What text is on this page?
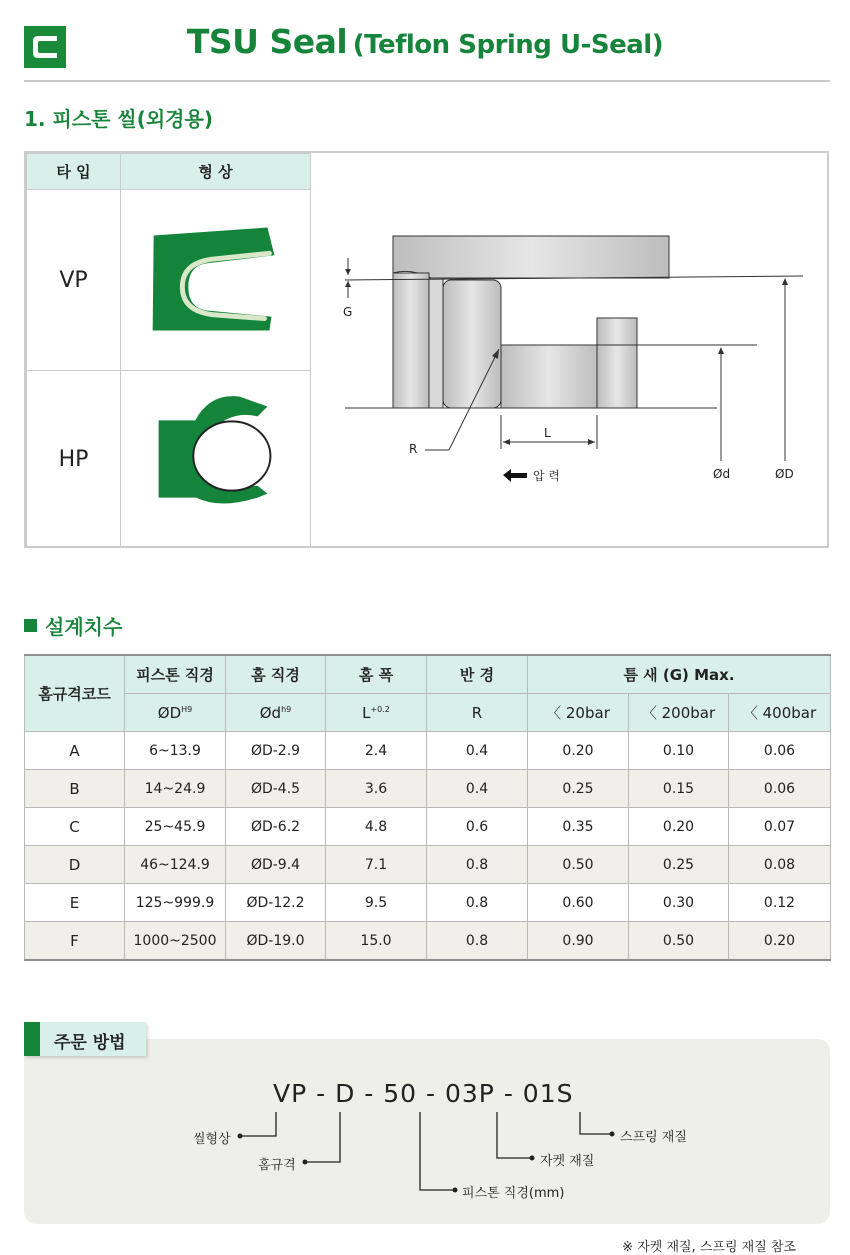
TSU Seal (Teflon Spring U-Seal)
1. 피스톤 씰(외경용)
타 입	형 상
VP
HP
G
R
L
압 력	Ød	ØD
설계치수
홈규격코드	피스톤 직경	홈 직경	홈 폭	반 경	틈 새 (G) Max.		
	$ØD^{H9}$	$Ød^{h9}$	$L^{+0.2}$	R	〈 20bar	〈 200bar	〈 400bar
A	6~13.9	ØD-2.9	2.4	0.4	0.20	0.10	0.06
B	14~24.9	ØD-4.5	3.6	0.4	0.25	0.15	0.06
C	25~45.9	ØD-6.2	4.8	0.6	0.35	0.20	0.07
D	46~124.9	ØD-9.4	7.1	0.8	0.50	0.25	0.08
E	125~999.9	ØD-12.2	9.5	0.8	0.60	0.30	0.12
F	1000~2500	ØD-19.0	15.0	0.8	0.90	0.50	0.20
주문 방법
VP - D - 50 - 03P - 01S
씰형상
홈규격
피스톤 직경(mm)
자켓 재질
스프링 재질
※ 자켓 재질, 스프링 재질 참조
